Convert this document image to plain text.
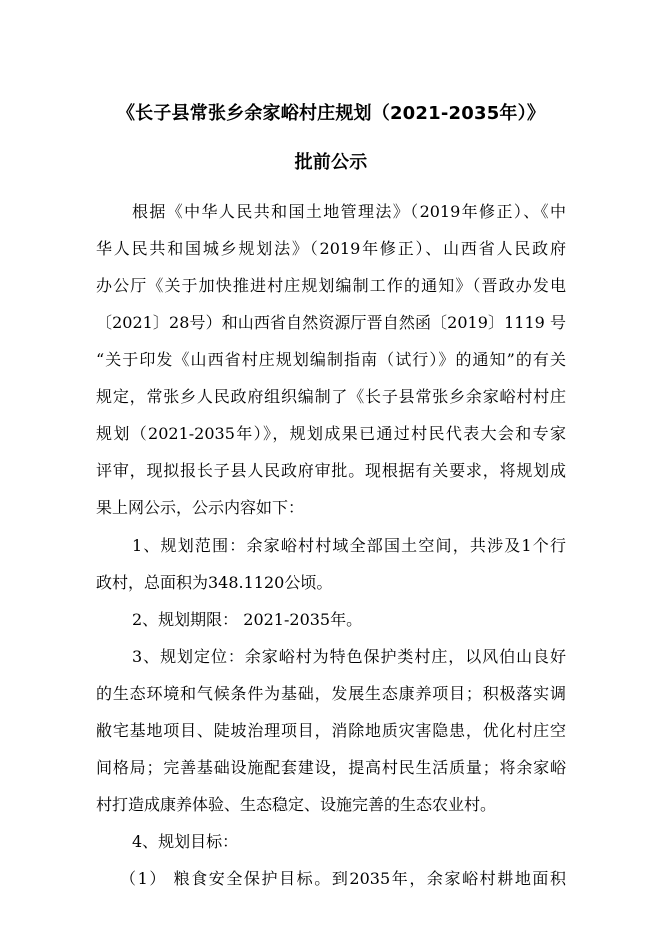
《长子县常张乡余家峪村庄规划（2021-2035年）》
批前公示
根据《中华人民共和国土地管理法》（2019年修正）、《中
华人民共和国城乡规划法》（2019年修正）、山西省人民政府
办公厅《关于加快推进村庄规划编制工作的通知》（晋政办发电
〔2021〕28号）和山西省自然资源厅晋自然函〔2019〕1119 号
“关于印发《山西省村庄规划编制指南（试行）》的通知”的有关
规定，常张乡人民政府组织编制了《长子县常张乡余家峪村村庄
规划（2021-2035年）》，规划成果已通过村民代表大会和专家
评审，现拟报长子县人民政府审批。现根据有关要求，将规划成
果上网公示，公示内容如下：
1、规划范围：余家峪村村域全部国土空间，共涉及1个行
政村，总面积为348.1120公顷。
2、规划期限： 2021-2035年。
3、规划定位：余家峪村为特色保护类村庄，以风伯山良好
的生态环境和气候条件为基础，发展生态康养项目；积极落实调
敝宅基地项目、陡坡治理项目，消除地质灾害隐患，优化村庄空
间格局；完善基础设施配套建设，提高村民生活质量；将余家峪
村打造成康养体验、生态稳定、设施完善的生态农业村。
4、规划目标：
（1） 粮食安全保护目标。到2035年，余家峪村耕地面积
